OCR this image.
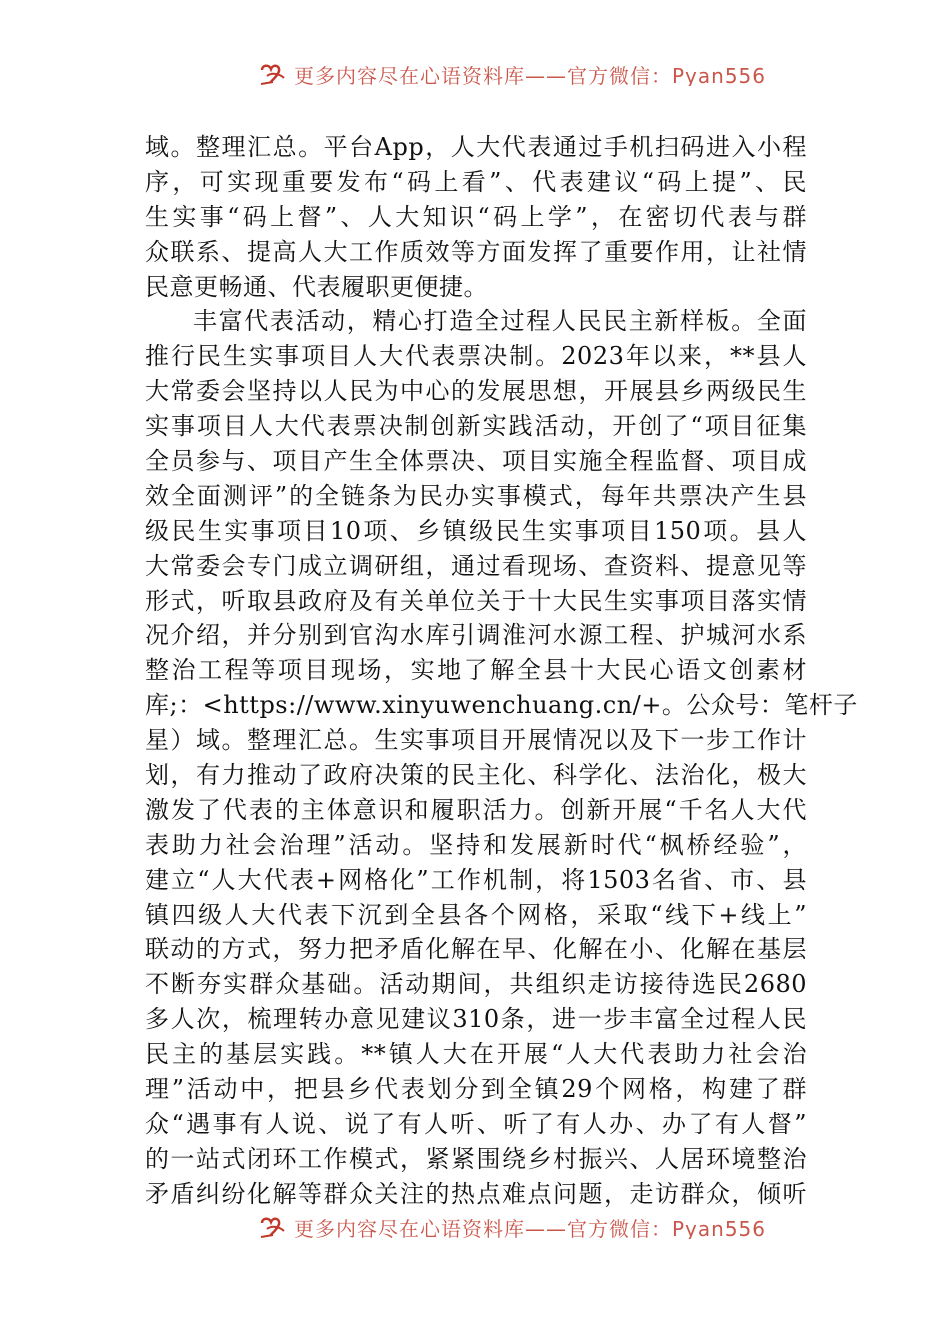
更多内容尽在心语资料库——官方微信：Pyan556
域。整理汇总。平台App，人大代表通过手机扫码进入小程
序，可实现重要发布“码上看”、代表建议“码上提”、民
生实事“码上督”、人大知识“码上学”，在密切代表与群
众联系、提高人大工作质效等方面发挥了重要作用，让社情
民意更畅通、代表履职更便捷。
丰富代表活动，精心打造全过程人民民主新样板。全面
推行民生实事项目人大代表票决制。2023年以来，**县人
大常委会坚持以人民为中心的发展思想，开展县乡两级民生
实事项目人大代表票决制创新实践活动，开创了“项目征集
全员参与、项目产生全体票决、项目实施全程监督、项目成
效全面测评”的全链条为民办实事模式，每年共票决产生县
级民生实事项目10项、乡镇级民生实事项目150项。县人
大常委会专门成立调研组，通过看现场、查资料、提意见等
形式，听取县政府及有关单位关于十大民生实事项目落实情
况介绍，并分别到官沟水库引调淮河水源工程、护城河水系
整治工程等项目现场，实地了解全县十大民心语文创素材
库;：<https://www.xinyuwenchuang.cn/+。公众号：笔杆子
星）域。整理汇总。生实事项目开展情况以及下一步工作计
划，有力推动了政府决策的民主化、科学化、法治化，极大
激发了代表的主体意识和履职活力。创新开展“千名人大代
表助力社会治理”活动。坚持和发展新时代“枫桥经验”，
建立“人大代表+网格化”工作机制，将1503名省、市、县
镇四级人大代表下沉到全县各个网格，采取“线下+线上”
联动的方式，努力把矛盾化解在早、化解在小、化解在基层
不断夯实群众基础。活动期间，共组织走访接待选民2680
多人次，梳理转办意见建议310条，进一步丰富全过程人民
民主的基层实践。**镇人大在开展“人大代表助力社会治
理”活动中，把县乡代表划分到全镇29个网格，构建了群
众“遇事有人说、说了有人听、听了有人办、办了有人督”
的一站式闭环工作模式，紧紧围绕乡村振兴、人居环境整治
矛盾纠纷化解等群众关注的热点难点问题，走访群众，倾听
更多内容尽在心语资料库——官方微信：Pyan556
